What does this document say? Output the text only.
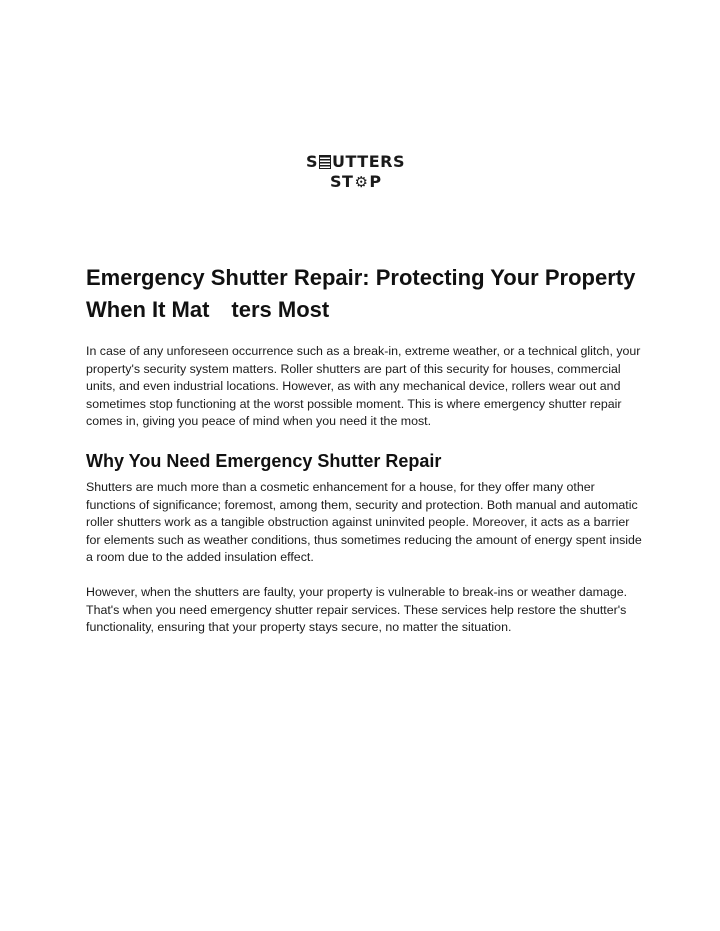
S UTTERS
ST ⚙ P
Emergency Shutter Repair: Protecting Your Property When It Mat  ters Most

In case of any unforeseen occurrence such as a break-in, extreme weather, or a technical glitch, your property's security system matters. Roller shutters are part of this security for houses, commercial units, and even industrial locations. However, as with any mechanical device, rollers wear out and sometimes stop functioning at the worst possible moment. This is where emergency shutter repair comes in, giving you peace of mind when you need it the most.

Why You Need Emergency Shutter Repair

Shutters are much more than a cosmetic enhancement for a house, for they offer many other functions of significance; foremost, among them, security and protection. Both manual and automatic roller shutters work as a tangible obstruction against uninvited people. Moreover, it acts as a barrier for elements such as weather conditions, thus sometimes reducing the amount of energy spent inside a room due to the added insulation effect.

However, when the shutters are faulty, your property is vulnerable to break-ins or weather damage. That's when you need emergency shutter repair services. These services help restore the shutter's functionality, ensuring that your property stays secure, no matter the situation.
